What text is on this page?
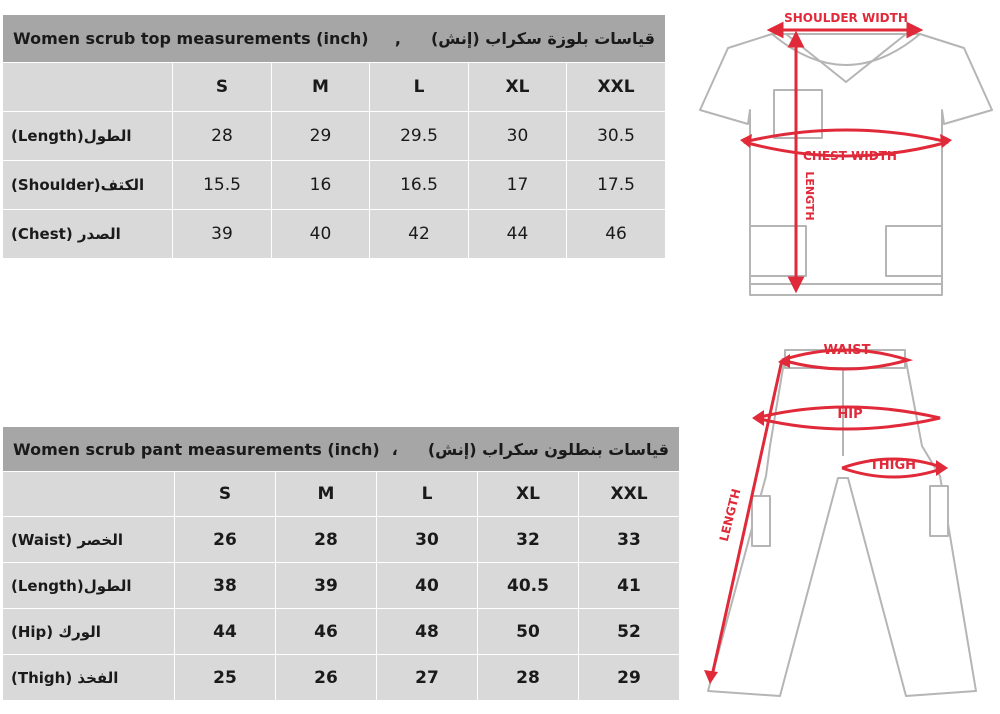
Women scrub top measurements (inch) , قياسات بلوزة سكراب (إنش)					

	S	M	L	XL	XXL
(Length)الطول	28	29	29.5	30	30.5
(Shoulder)الكتف	15.5	16	16.5	17	17.5
(Chest) الصدر	39	40	42	44	46
Women scrub pant measurements (inch) ، قياسات بنطلون سكراب (إنش)					

	S	M	L	XL	XXL
(Waist) الخصر	26	28	30	32	33
(Length)الطول	38	39	40	40.5	41
(Hip) الورك	44	46	48	50	52
(Thigh) الفخذ	25	26	27	28	29
SHOULDER WIDTH
CHEST WIDTH
LENGTH
WAIST
HIP
THIGH
LENGTH
